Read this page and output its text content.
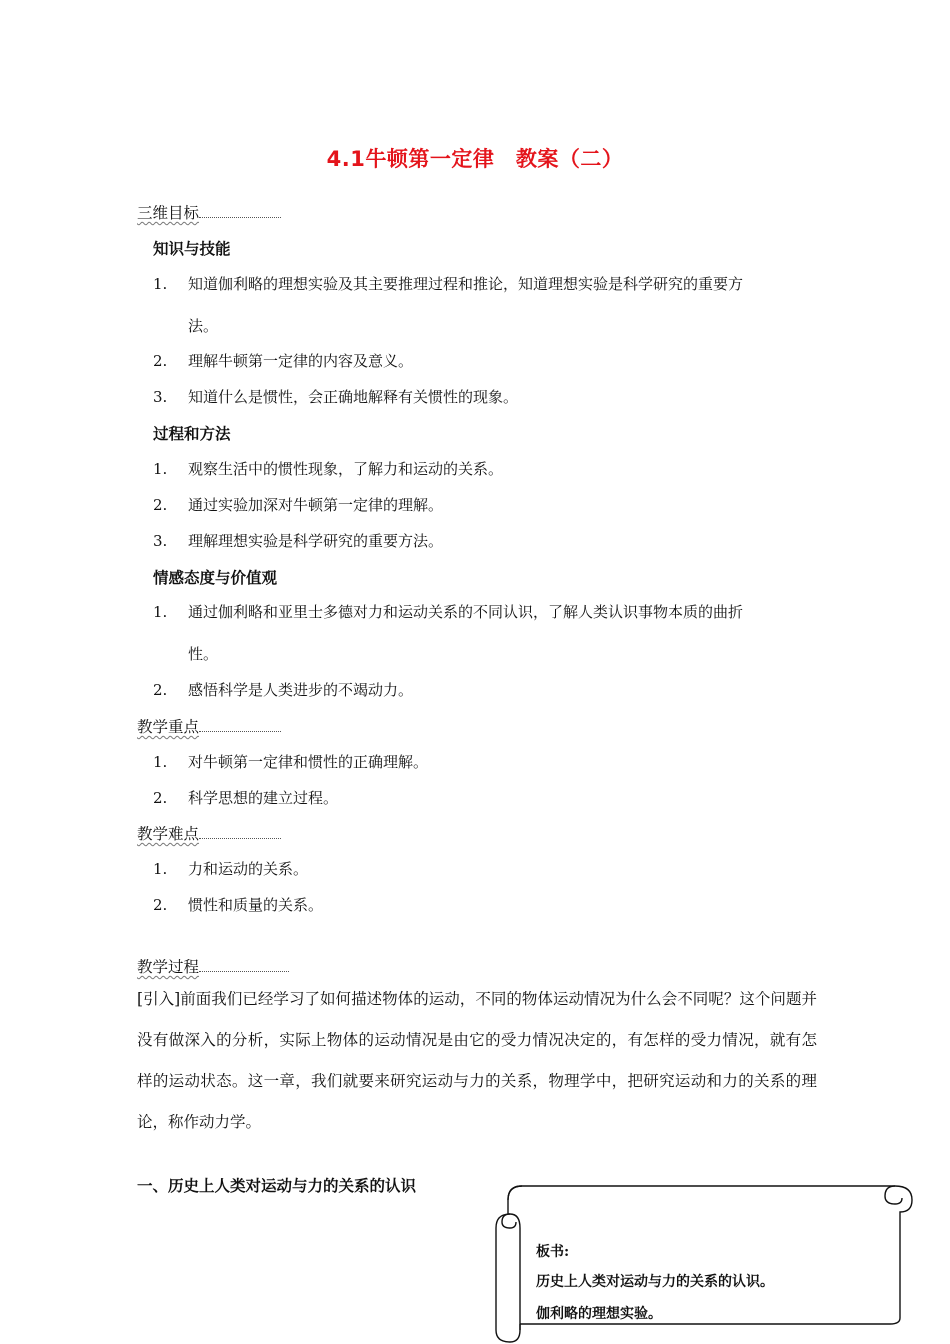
4.1牛顿第一定律　教案（二）
三维目标
知识与技能
1. 知道伽利略的理想实验及其主要推理过程和推论，知道理想实验是科学研究的重要方
法。
2. 理解牛顿第一定律的内容及意义。
3. 知道什么是惯性，会正确地解释有关惯性的现象。
过程和方法
1. 观察生活中的惯性现象，了解力和运动的关系。
2. 通过实验加深对牛顿第一定律的理解。
3. 理解理想实验是科学研究的重要方法。
情感态度与价值观
1. 通过伽利略和亚里士多德对力和运动关系的不同认识，了解人类认识事物本质的曲折
性。
2. 感悟科学是人类进步的不竭动力。
教学重点
1. 对牛顿第一定律和惯性的正确理解。
2. 科学思想的建立过程。
教学难点
1. 力和运动的关系。
2. 惯性和质量的关系。
教学过程
[引入]前面我们已经学习了如何描述物体的运动，不同的物体运动情况为什么会不同呢？这个问题并没有做深入的分析，实际上物体的运动情况是由它的受力情况决定的，有怎样的受力情况，就有怎样的运动状态。这一章，我们就要来研究运动与力的关系，物理学中，把研究运动和力的关系的理论，称作动力学。
一、历史上人类对运动与力的关系的认识
板书:
历史上人类对运动与力的关系的认识。
伽利略的理想实验。
